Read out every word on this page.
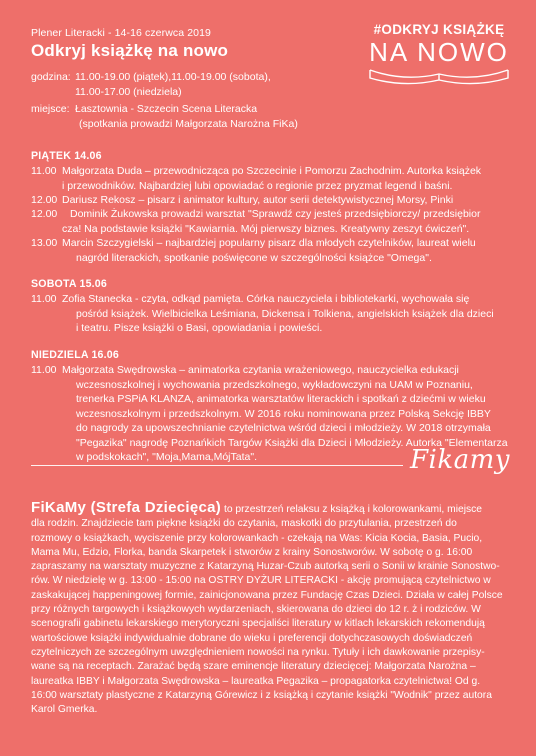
Plener Literacki - 14-16 czerwca 2019
Odkryj książkę na nowo
#ODKRYJ KSIĄŻKĘ
NA NOWO
godzina: 11.00-19.00 (piątek),11.00-19.00 (sobota),
11.00-17.00 (niedziela)
miejsce: Łasztownia - Szczecin Scena Literacka
(spotkania prowadzi Małgorzata Narożna FiKa)
PIĄTEK 14.06
11.00 Małgorzata Duda – przewodnicząca po Szczecinie i Pomorzu Zachodnim. Autorka książek
i przewodników. Najbardziej lubi opowiadać o regionie przez pryzmat legend i baśni.
12.00 Dariusz Rekosz – pisarz i animator kultury, autor serii detektywistycznej Morsy, Pinki
12.00 Dominik Żukowska prowadzi warsztat "Sprawdź czy jesteś przedsiębiorczy/ przedsiębior
cza! Na podstawie książki "Kawiarnia. Mój pierwszy biznes. Kreatywny zeszyt ćwiczeń".
13.00 Marcin Szczygielski – najbardziej popularny pisarz dla młodych czytelników, laureat wielu
nagród literackich, spotkanie poświęcone w szczególności książce "Omega".
SOBOTA 15.06
11.00 Zofia Stanecka - czyta, odkąd pamięta. Córka nauczyciela i bibliotekarki, wychowała się
pośród książek. Wielbicielka Leśmiana, Dickensa i Tolkiena, angielskich książek dla dzieci
i teatru. Pisze książki o Basi, opowiadania i powieści.
NIEDZIELA 16.06
11.00 Małgorzata Swędrowska – animatorka czytania wrażeniowego, nauczycielka edukacji
wczesnoszkolnej i wychowania przedszkolnego, wykładowczyni na UAM w Poznaniu,
trenerka PSPiA KLANZA, animatorka warsztatów literackich i spotkań z dziećmi w wieku
wczesnoszkolnym i przedszkolnym. W 2016 roku nominowana przez Polską Sekcję IBBY
do nagrody za upowszechnianie czytelnictwa wśród dzieci i młodzieży. W 2018 otrzymała
"Pegazika" nagrodę Poznańkich Targów Książki dla Dzieci i Młodzieży. Autorka "Elementarza
w podskokach", "Moja,Mama,MójTata".	Fikamy
FiKaMy (Strefa Dziecięca) to przestrzeń relaksu z książką i kolorowankami, miejsce
dla rodzin. Znajdziecie tam piękne książki do czytania, maskotki do przytulania, przestrzeń do
rozmowy o książkach, wyciszenie przy kolorowankach - czekają na Was: Kicia Kocia, Basia, Pucio,
Mama Mu, Edzio, Florka, banda Skarpetek i stworów z krainy Sonostworów. W sobotę o g. 16:00
zapraszamy na warsztaty muzyczne z Katarzyną Huzar-Czub autorką serii o Sonii w krainie Sonostwo-
rów. W niedzielę w g. 13:00 - 15:00 na OSTRY DYŻUR LITERACKI - akcję promującą czytelnictwo w
zaskakującej happeningowej formie, zainicjonowana przez Fundację Czas Dzieci. Działa w całej Polsce
przy różnych targowych i książkowych wydarzeniach, skierowana do dzieci do 12 r. ż i rodziców. W
scenografii gabinetu lekarskiego merytoryczni specjaliści literatury w kitlach lekarskich rekomendują
wartościowe książki indywidualnie dobrane do wieku i preferencji dotychczasowych doświadczeń
czytelniczych ze szczególnym uwzględnieniem nowości na rynku. Tytuły i ich dawkowanie przepisy-
wane są na receptach. Zarażać będą szare eminencje literatury dziecięcej: Małgorzata Narożna –
laureatka IBBY i Małgorzata Swędrowska – laureatka Pegazika – propagatorka czytelnictwa! Od g.
16:00 warsztaty plastyczne z Katarzyną Górewicz i z książką i czytanie książki "Wodnik" przez autora
Karol Gmerka.
